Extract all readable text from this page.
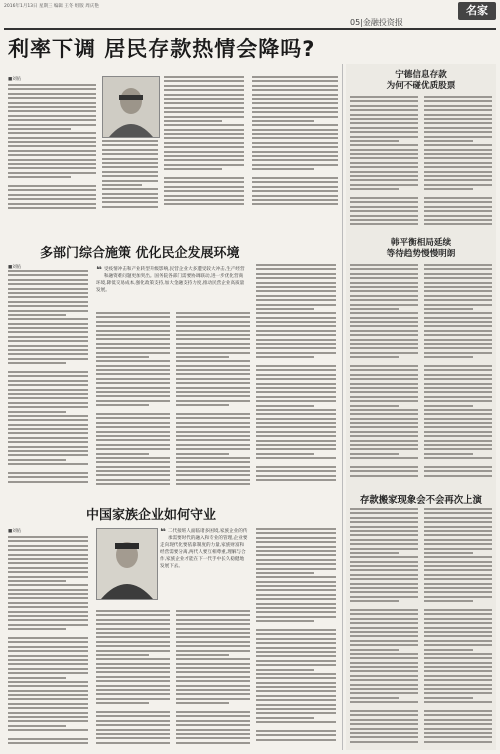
2016年1月13日 星期三 编辑 王冬 组版 周庆艳
05|金融投资报
名家
利率下调 居民存款热情会降吗?
■刘佑
多部门综合施策 优化民企发展环境
■刘佑	❝ 受疫情冲击和产业转型升级影响,民营企业大多遭受较大冲击,生产经营和融资难问题更加突出。国务院各部门需要协调联动,进一步优化营商环境,降低交易成本,强化政策支持,加大金融支持力度,推动民营企业高质量发展。
中国家族企业如何守业
■刘佑	❝ 二代接班人面临诸多困境,家族企业的传承需要时代的融入和专业的管理,企业要走向现代化要依靠制度的力量,家族财富和经营需要分离,两代人要互相尊重,理解与合作,家族企业才能在下一代手中长久稳健地发展下去。
宁德信息存款
为何不碰优质股票
韩平衡相局延续
等待趋势慢慢明朗
存款搬家现象会不会再次上演
